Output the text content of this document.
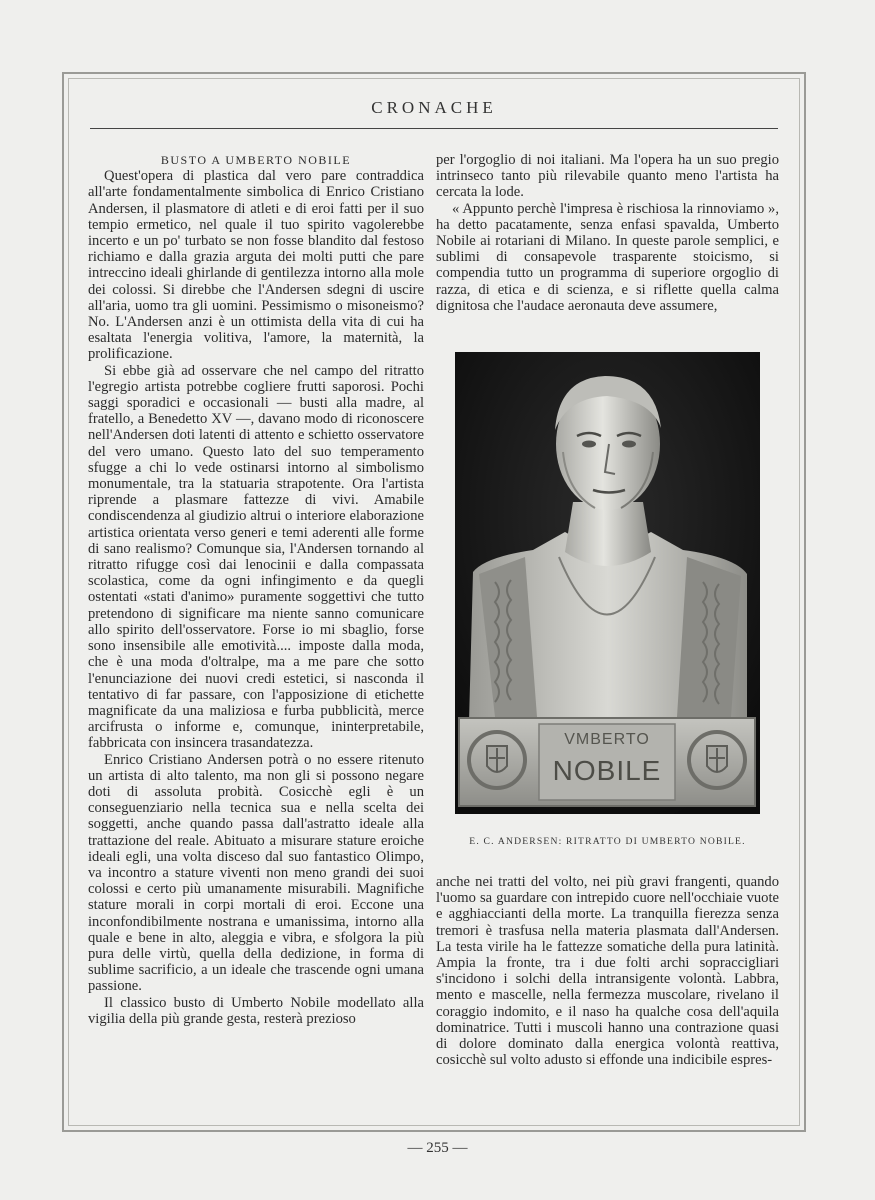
CRONACHE

BUSTO A UMBERTO NOBILE

Quest'opera di plastica dal vero pare contraddica all'arte fondamentalmente simbolica di Enrico Cristiano Andersen, il plasmatore di atleti e di eroi fatti per il suo tempio ermetico, nel quale il tuo spirito vagolerebbe incerto e un po' turbato se non fosse blandito dal festoso richiamo e dalla grazia arguta dei molti putti che pare intreccino ideali ghirlande di gentilezza intorno alla mole dei colossi. Si direbbe che l'Andersen sdegni di uscire all'aria, uomo tra gli uomini. Pessimismo o misoneismo? No. L'Andersen anzi è un ottimista della vita di cui ha esaltata l'energia volitiva, l'amore, la maternità, la prolificazione.

Si ebbe già ad osservare che nel campo del ritratto l'egregio artista potrebbe cogliere frutti saporosi. Pochi saggi sporadici e occasionali — busti alla madre, al fratello, a Benedetto XV —, davano modo di riconoscere nell'Andersen doti latenti di attento e schietto osservatore del vero umano. Questo lato del suo temperamento sfugge a chi lo vede ostinarsi intorno al simbolismo monumentale, tra la statuaria strapotente. Ora l'artista riprende a plasmare fattezze di vivi. Amabile condiscendenza al giudizio altrui o interiore elaborazione artistica orientata verso generi e temi aderenti alle forme di sano realismo? Comunque sia, l'Andersen tornando al ritratto rifugge così dai lenocinii e dalla compassata scolastica, come da ogni infingimento e da quegli ostentati «stati d'animo» puramente soggettivi che tutto pretendono di significare ma niente sanno comunicare allo spirito dell'osservatore. Forse io mi sbaglio, forse sono insensibile alle emotività.... imposte dalla moda, che è una moda d'oltralpe, ma a me pare che sotto l'enunciazione dei nuovi credi estetici, si nasconda il tentativo di far passare, con l'apposizione di etichette magnificate da una maliziosa e furba pubblicità, merce arcifrusta o informe e, comunque, ininterpretabile, fabbricata con insincera trasandatezza.

Enrico Cristiano Andersen potrà o no essere ritenuto un artista di alto talento, ma non gli si possono negare doti di assoluta probità. Cosicchè egli è un conseguenziario nella tecnica sua e nella scelta dei soggetti, anche quando passa dall'astratto ideale alla trattazione del reale. Abituato a misurare stature eroiche ideali egli, una volta disceso dal suo fantastico Olimpo, va incontro a stature viventi non meno grandi dei suoi colossi e certo più umanamente misurabili. Magnifiche stature morali in corpi mortali di eroi. Eccone una inconfondibilmente nostrana e umanissima, intorno alla quale e bene in alto, aleggia e vibra, e sfolgora la più pura delle virtù, quella della dedizione, in forma di sublime sacrificio, a un ideale che trascende ogni umana passione.

Il classico busto di Umberto Nobile modellato alla vigilia della più grande gesta, resterà prezioso

per l'orgoglio di noi italiani. Ma l'opera ha un suo pregio intrinseco tanto più rilevabile quanto meno l'artista ha cercata la lode.

« Appunto perchè l'impresa è rischiosa la rinnoviamo », ha detto pacatamente, senza enfasi spavalda, Umberto Nobile ai rotariani di Milano. In queste parole semplici, e sublimi di consapevole trasparente stoicismo, si compendia tutto un programma di superiore orgoglio di razza, di etica e di scienza, e si riflette quella calma dignitosa che l'audace aeronauta deve assumere,

VMBERTO
NOBILE
E. C. ANDERSEN: RITRATTO DI UMBERTO NOBILE.

anche nei tratti del volto, nei più gravi frangenti, quando l'uomo sa guardare con intrepido cuore nell'occhiaie vuote e agghiaccianti della morte. La tranquilla fierezza senza tremori è trasfusa nella materia plasmata dall'Andersen. La testa virile ha le fattezze somatiche della pura latinità. Ampia la fronte, tra i due folti archi sopraccigliari s'incidono i solchi della intransigente volontà. Labbra, mento e mascelle, nella fermezza muscolare, rivelano il coraggio indomito, e il naso ha qualche cosa dell'aquila dominatrice. Tutti i muscoli hanno una contrazione quasi di dolore dominato dalla energica volontà reattiva, cosicchè sul volto adusto si effonde una indicibile espres-

— 255 —
